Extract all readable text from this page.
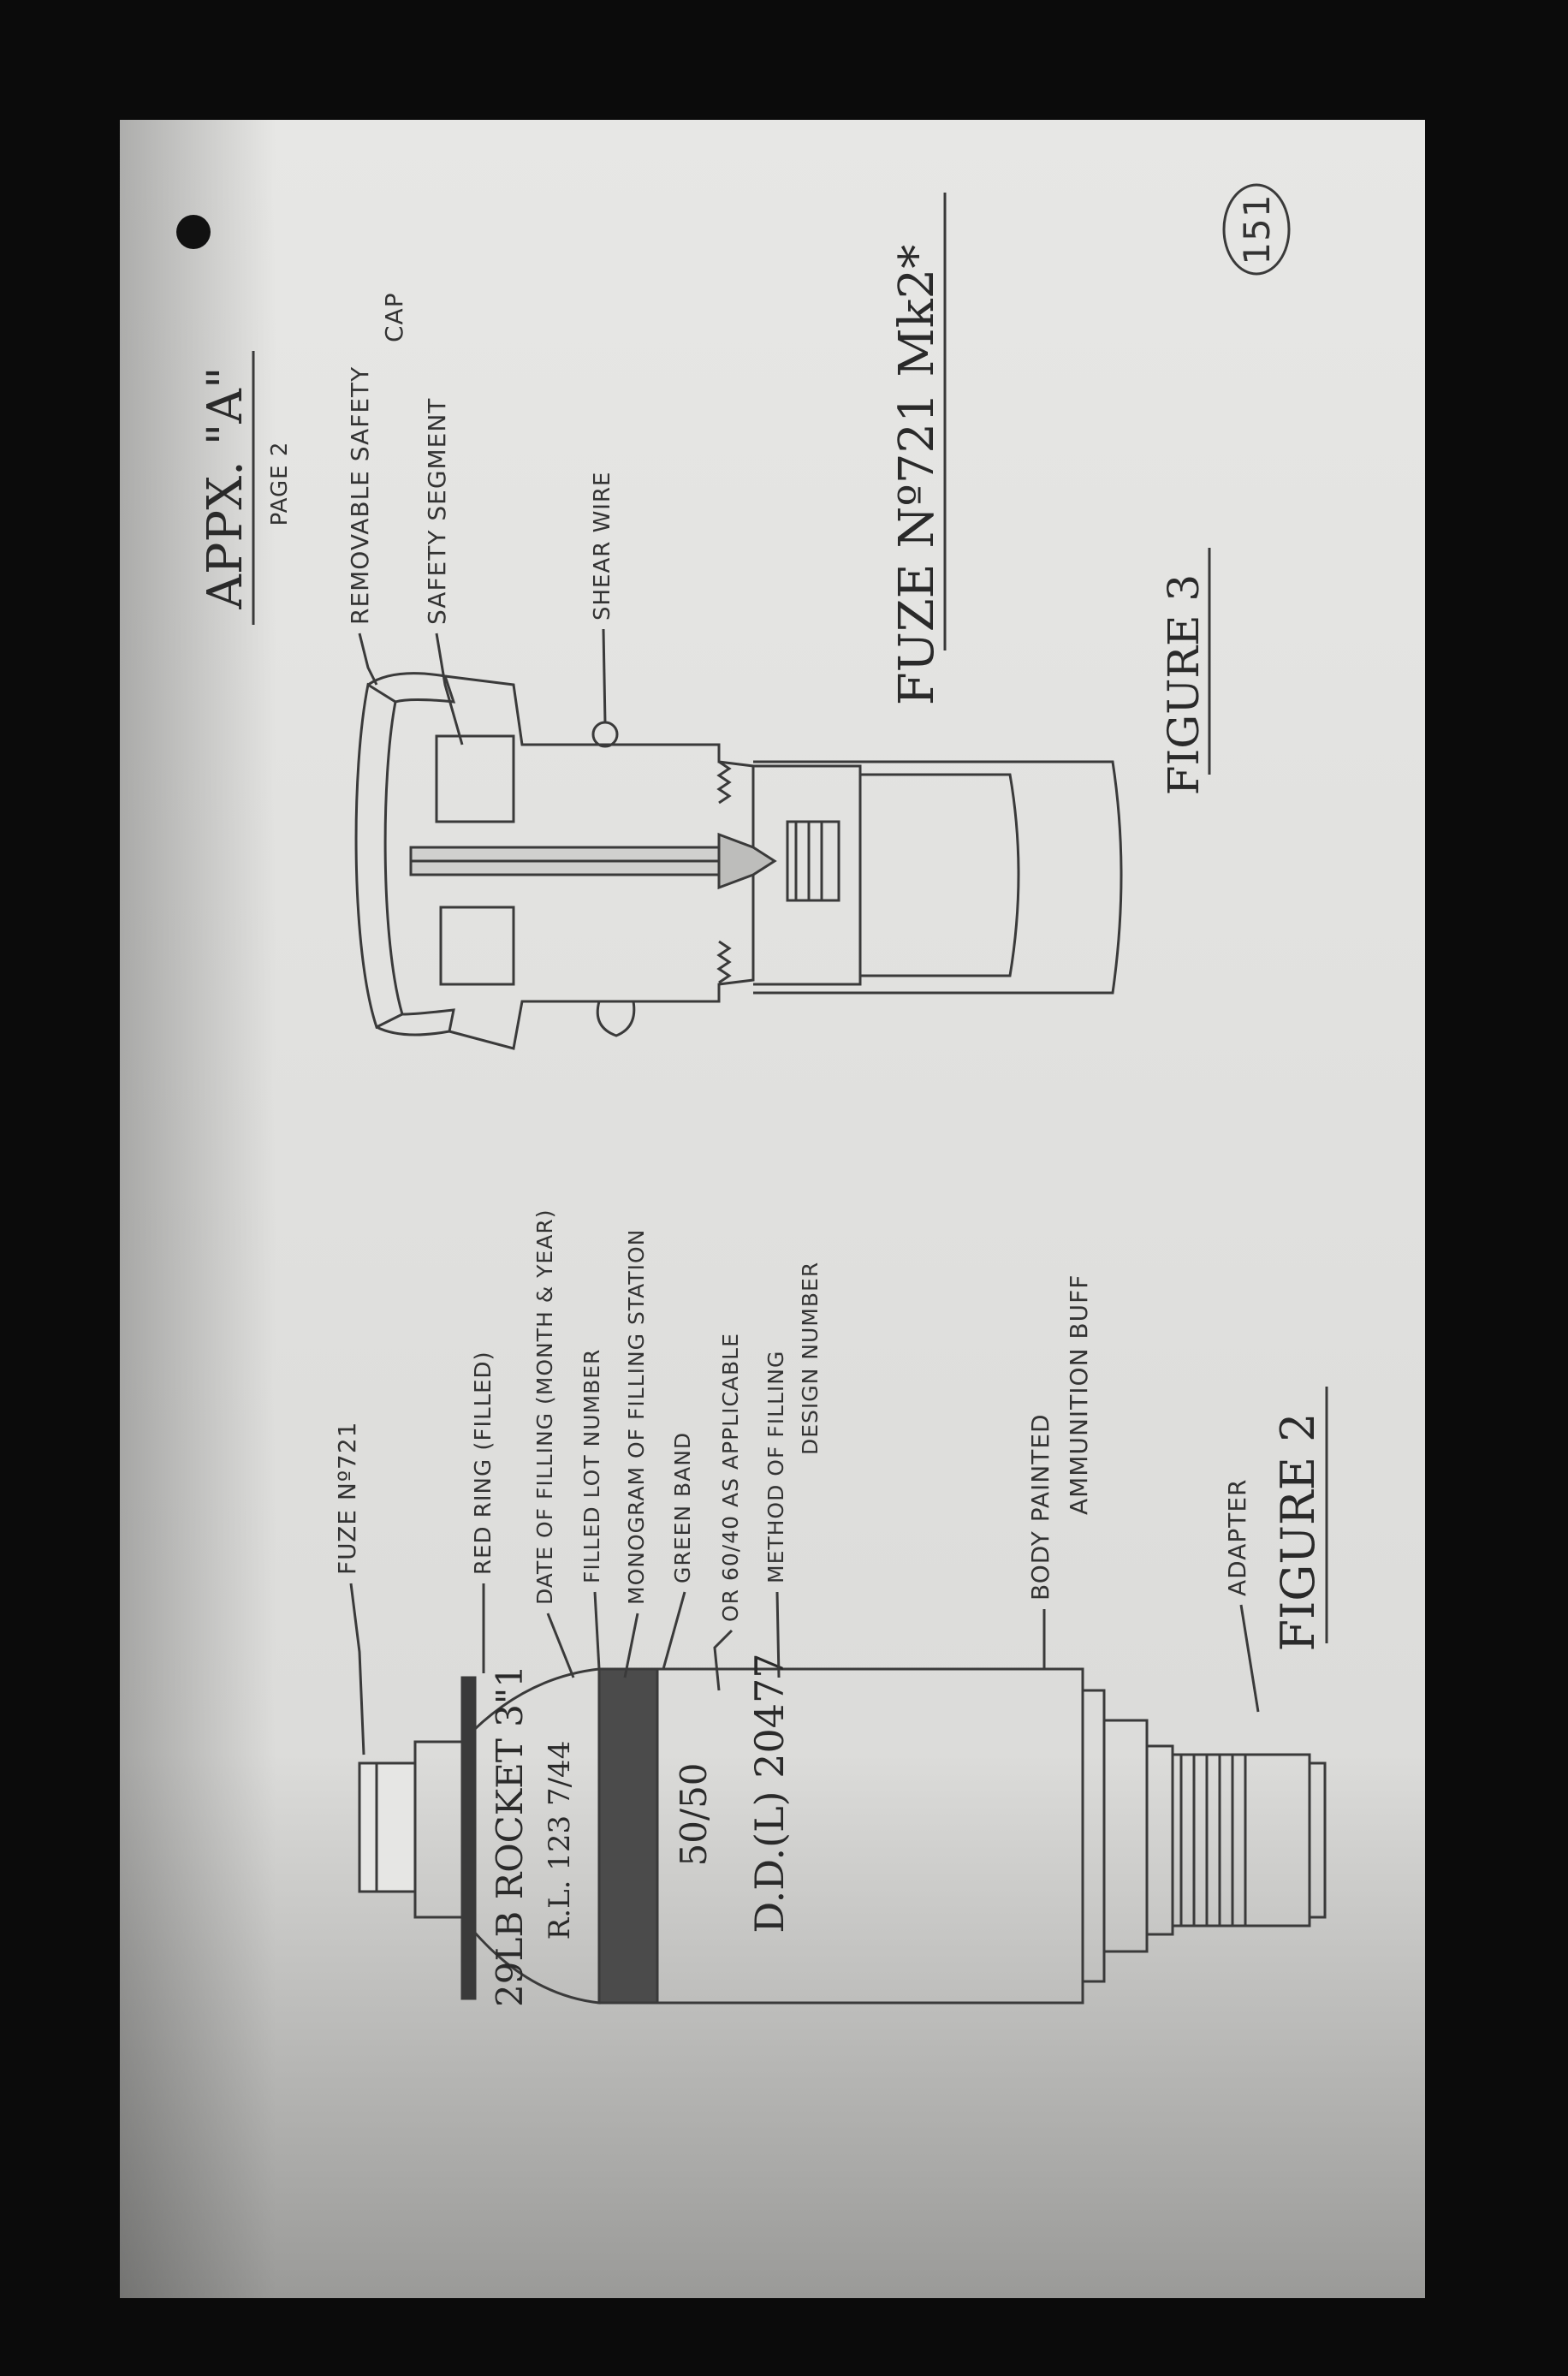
151
APPX. "A" PAGE 2 REMOVABLE SAFETY
CAP
SAFETY SEGMENT	SHEAR WIRE	FUZE Nº721 Mk2*	FIGURE 3
29LB ROCKET 3"1 R.L. 123 7/44	50/50 D.D.(L) 20477
FUZE Nº721	RED RING (FILLED) DATE OF FILLING (MONTH & YEAR) FILLED LOT NUMBER MONOGRAM OF FILLING STATION GREEN BAND OR 60/40 AS APPLICABLE METHOD OF FILLING DESIGN NUMBER
BODY PAINTED AMMUNITION BUFF
ADAPTER FIGURE 2
